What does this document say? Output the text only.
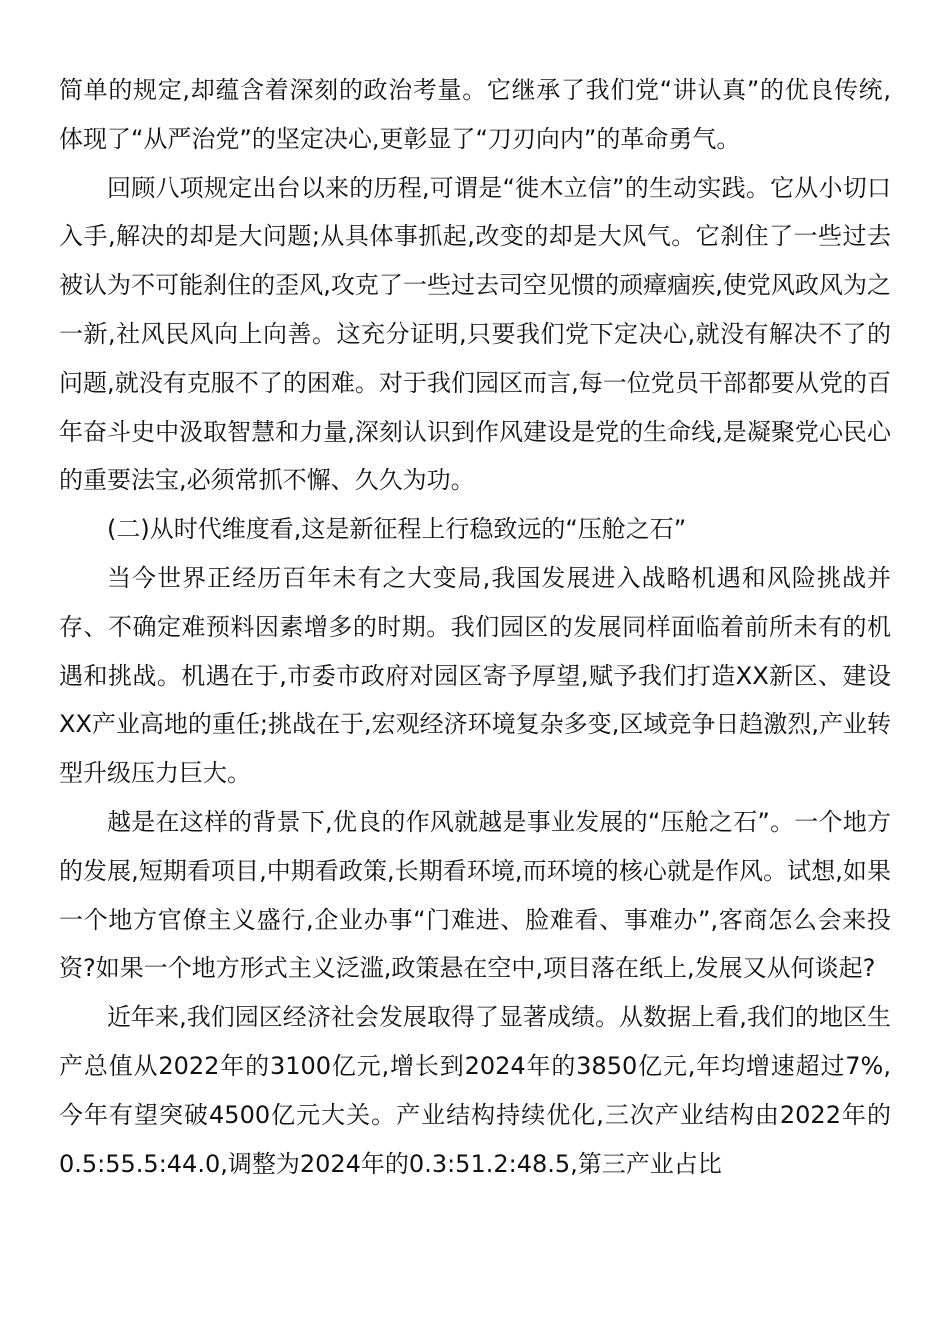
简单的规定,却蕴含着深刻的政治考量。它继承了我们党“讲认真”的优良传统,体现了“从严治党”的坚定决心,更彰显了“刀刃向内”的革命勇气。

回顾八项规定出台以来的历程,可谓是“徙木立信”的生动实践。它从小切口入手,解决的却是大问题;从具体事抓起,改变的却是大风气。它刹住了一些过去被认为不可能刹住的歪风,攻克了一些过去司空见惯的顽瘴痼疾,使党风政风为之一新,社风民风向上向善。这充分证明,只要我们党下定决心,就没有解决不了的问题,就没有克服不了的困难。对于我们园区而言,每一位党员干部都要从党的百年奋斗史中汲取智慧和力量,深刻认识到作风建设是党的生命线,是凝聚党心民心的重要法宝,必须常抓不懈、久久为功。

(二)从时代维度看,这是新征程上行稳致远的“压舱之石”

当今世界正经历百年未有之大变局,我国发展进入战略机遇和风险挑战并存、不确定难预料因素增多的时期。我们园区的发展同样面临着前所未有的机遇和挑战。机遇在于,市委市政府对园区寄予厚望,赋予我们打造XX新区、建设XX产业高地的重任;挑战在于,宏观经济环境复杂多变,区域竞争日趋激烈,产业转型升级压力巨大。

越是在这样的背景下,优良的作风就越是事业发展的“压舱之石”。一个地方的发展,短期看项目,中期看政策,长期看环境,而环境的核心就是作风。试想,如果一个地方官僚主义盛行,企业办事“门难进、脸难看、事难办”,客商怎么会来投资?如果一个地方形式主义泛滥,政策悬在空中,项目落在纸上,发展又从何谈起?

近年来,我们园区经济社会发展取得了显著成绩。从数据上看,我们的地区生产总值从2022年的3100亿元,增长到2024年的3850亿元,年均增速超过7%,今年有望突破4500亿元大关。产业结构持续优化,三次产业结构由2022年的0.5:55.5:44.0,调整为2024年的0.3:51.2:48.5,第三产业占比
